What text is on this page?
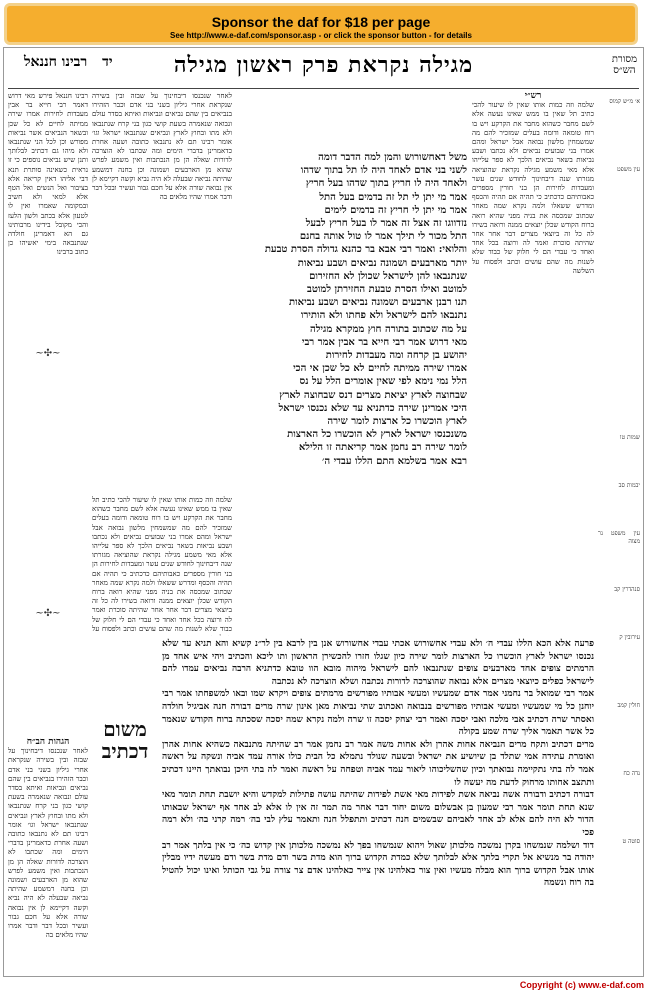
Sponsor the daf for $18 per page
See http://www.e-daf.com/sponsor.asp - or click the sponsor button - for details
מסורת
הש״ס
מגילה נקראת פרק ראשון מגילה
יד רבינו חננאל
רבינו חננאל פירש מאי דרוש דאמר רבי חייא בר אבין מעבדות לחירות אמרו שירה ממיתה לחיים לא כל שכן ובשאר הנביאים אשר נביאות מפורש וכן לכל הני שנתנבאו ולא מיהו גם דכתיב לבלותך ותנן שיש נביאים נוספים כי זו נראית כשאינה סותרת תנא דבי אליהו דאין קריאה אלא בציבור ואל הנשים ואל הטף אלא למאי ולא חשיב ובמקומה שאמרו ואין לו לטעון אלא בכתב ולשון הלעז והכי מקובל בידינו מרבותינו גם הא דאמרינן חולדה שנתנבאה בימי יאשיהו כן כתוב ברבינו
~✣~
~✣~
לאחר שנכנסו דיבחינוך על שבזה ובין בשירה שנקראת אחרי גיליון בשני בני אדם וכבר הזהירו בנביאים בין שהם נביאים ונביאות ואיתא בסדר עולם ונבואה שנאמרה בשעת קושי כגון בני קרח שנתנבאו ולא מתו ובחוץ לארץ ונביאים שנתנבאו ישראל וגו׳ אומר רבינו תם לא נתנבאו כתובה ושעה אחרת כדאמרינן בדברי הימים ומה שכתבו לא הוצרכה לדורות שאלה הן מן הנכתבות ואין משמע לפרש שהוא מן הארבעים ושמונה וכן בחנה דמשמע שהיתה נביאה שבעלה לא היה נביא וקשה דקיימא לן אין נבואה שורה אלא על חכם גבור ועשיר ובכל דבר ודבר אמרו שהיו מלאים בה
שלמה וזה כמות אותו שאין לו שיעור להכי כתיב תל שאין בו ממש שאינו נעשה אלא לשם מחבר כשהוא מחבר את הקרקע ויש בו רוח טומאה ודומה בעלים שמזכיר להם מה שמשמחין מלשון נבואה אבל ישראל ומהם אמרו בני שבועים נביאים ולא נכתבו ושבע נביאות בשאר נביאים הלכך לא ספר עלייהו אלא מאי משמע מגילה נקראת שהוציאה מגזרתו שנה דיבחינוך לחודש שנים עשר ומעבדות לחירות הן בני חורין מספרים כאבותיהם כדכתיב כי תהיה אם תהיה והכסף ומדרש ששאלו ולמה נקרא שמה מאחר שכתוב שמכסה את בניה מפני שהיא רואה ברוח הקודש שכלן יוצאים ממנה ורואה בשירו לה כל זה ביוצאי מצרים דבר אחר אחר שהיתה סוכרת ואמר לה ורוצה בכל אחד ואחד כי עבדי הם לי חלוק של כבוד שלא לשנות מה שהם עושים וכתב ולפסוח על
משל דאחשורוש והמן למה הדבר דומה
לשני בני אדם לאחד היה לו תל בתוך שדהו
ולאחד היה לו חריץ בתוך שדהו בעל חריץ
אמר מי יתן לי תל זה בדמים בעל התל
אמר מי יתן לי חריץ זה בדמים לימים
נזדווגו זה אצל זה אמר לו בעל חריץ לבעל
התל מכור לי תילך אמר לו טול אותה בחנם
והלואי: ואמר רבי אבא בר כהנא גדולה הסרת טבעת
יותר מארבעים ושמונה נביאים ושבע נביאות
שנתנבאו להן לישראל שכולן לא החזירום
למוטב ואילו הסרת טבעת החזירתן למוטב
תנו רבנן ארבעים ושמונה נביאים ושבע נביאות
נתנבאו להם לישראל ולא פחתו ולא הותירו
על מה שכתוב בתורה חוץ ממקרא מגילה
מאי דרוש אמר רבי חייא בר אבין אמר רבי
יהושע בן קרחה ומה מעבדות לחירות
אמרו שירה ממיתה לחיים לא כל שכן אי הכי
הלל נמי נימא לפי שאין אומרים הלל על נס
שבחוצה לארץ יציאת מצרים דנס שבחוצה לארץ
היכי אמרינן שירה כדתניא עד שלא נכנסו ישראל
לארץ הוכשרו כל ארצות לומר שירה
משנכנסו ישראל לארץ לא הוכשרו כל הארצות
לומר שירה רב נחמן אמר קריאתה זו הלילא
רבא אמר בשלמא התם הללו עבדי ה׳
רש״י
שלמה וזה כמות אותו שאין לו שיעור להכי כתיב תל שאין בו ממש שאינו נעשה אלא לשם מחבר כשהוא מחבר את הקרקע ויש בו רוח טומאה ודומה בעלים שמזכיר להם מה שמשמחין מלשון נבואה אבל ישראל ומהם אמרו בני שבועים נביאים ולא נכתבו ושבע נביאות בשאר נביאים הלכך לא ספר עלייהו אלא מאי משמע מגילה נקראת שהוציאה מגזרתו שנה דיבחינוך לחודש שנים עשר ומעבדות לחירות הן בני חורין מספרים כאבותיהם כדכתיב כי תהיה אם תהיה והכסף ומדרש ששאלו ולמה נקרא שמה מאחר שכתוב שמכסה את בניה מפני שהיא רואה ברוח הקודש שכלן יוצאים ממנה ורואה בשירו לה כל זה ביוצאי מצרים דבר אחר אחר שהיתה סוכרת ואמר לה ורוצה בכל אחד ואחד כי עבדי הם לי חלוק של כבוד שלא לשנות מה שהם עושים וכתב ולפסוח על השלשה
א׳ מ״ש קמוס
עין משפט
שמות טו
יבמות סב
עין משפט נר מצוה
סנהדרין קב
עירובין ק
חולין קמב
נדה כח
סוטה ט
פרעה אלא הכא הללו עבדי ה׳ ולא עבדי אחשורוש אכתי עבדי אחשורוש אנן בין לרבא בין לר״נ קשיא והא תניא עד שלא נכנסו ישראל לארץ הוכשרו כל הארצות לומר שירה כיון שגלו חזרו להכשירן הראשון ותו ליכא והכתיב ויהי איש אחד מן הרמתים צופים אחד מארבעים צופים שנתנבאו להם לישראל מיהוה מובא הוו טובא כדתניא הרבה נביאים עמדו להם לישראל כפלים כיוצאי מצרים אלא נבואה שהוצרכה לדורות נכתבה ושלא הוצרכה לא נכתבה
אמר רבי שמואל בר נחמני אמר אדם שמעשיו ומעשי אבותיו מפורשים מרמתים צופים ויקרא שמו ובאו למשפחתו אמר רבי יוחנן כל מי שמעשיו ומעשי אבותיו מפורשים בנבואה ואכתוב שתי נביאות מאן אינון שרה מרים דבורה חנה אביגיל חולדה ואסתר שרה דכתיב אבי מלכה ואבי יסכה ואמר רבי יצחק יסכה זו שרה ולמה נקרא שמה יסכה שסכתה ברוח הקודש שנאמר כל אשר תאמר אליך שרה שמע בקולה
מרים דכתיב ותקח מרים הנביאה אחות אהרן ולא אחות משה אמר רב נחמן אמר רב שהיתה מתנבאה כשהיא אחות אהרן ואומרת עתידה אמי שתלד בן שיושיע את ישראל ובשעה שנולד נתמלא כל הבית כולו אורה עמד אביה ונשקה על ראשה אמר לה בתי נתקיימה נבואתך וכיון שהשליכוהו ליאור עמד אביה וטפחה על ראשה ואמר לה בתי היכן נבואתך היינו דכתיב ותתצב אחותו מרחוק לדעת מה יעשה לו
דבורה דכתיב ודבורה אשה נביאה אשת לפידות מאי אשת לפידות שהיתה עושה פתילות למקדש והיא יושבת תחת תומר מאי שנא תחת תומר אמר רבי שמעון בן אבשלום משום יחוד דבר אחר מה תמר זה אין לו אלא לב אחד אף ישראל שבאותו הדור לא היה להם אלא לב אחד לאביהם שבשמים חנה דכתיב ותתפלל חנה ותאמר עלץ לבי בה׳ רמה קרני בה׳ ולא רמה פכי
דוד ושלמה שנמשחו בקרן נמשכה מלכותן שאול ויהוא שנמשחו בפך לא נמשכה מלכותן אין קדוש כה׳ כי אין בלתך אמר רב יהודה בר מנשיא אל תקרי בלתך אלא לבלותך שלא כמדת הקדוש ברוך הוא מדת בשר ודם מדת בשר ודם מעשה ידיו מבלין אותו אבל הקדוש ברוך הוא מבלה מעשיו ואין צור כאלהינו אין צייר כאלהינו אדם צר צורה על גבי הכותל ואינו יכול להטיל בה רוח ונשמה
משום
דכתיב
הגהות הב״ח
לאחר שנכנסו דיבחינוך על שבזה ובין בשירה שנקראת אחרי גיליון בשני בני אדם וכבר הזהירו בנביאים בין שהם נביאים ונביאות ואיתא בסדר עולם ונבואה שנאמרה בשעת קושי כגון בני קרח שנתנבאו ולא מתו ובחוץ לארץ ונביאים שנתנבאו ישראל וגו׳ אומר רבינו תם לא נתנבאו כתובה ושעה אחרת כדאמרינן בדברי הימים ומה שכתבו לא הוצרכה לדורות שאלה הן מן הנכתבות ואין משמע לפרש שהוא מן הארבעים ושמונה וכן בחנה דמשמע שהיתה נביאה שבעלה לא היה נביא וקשה דקיימא לן אין נבואה שורה אלא על חכם גבור ועשיר ובכל דבר ודבר אמרו שהיו מלאים בה
Copyright (c) www.e-daf.com
